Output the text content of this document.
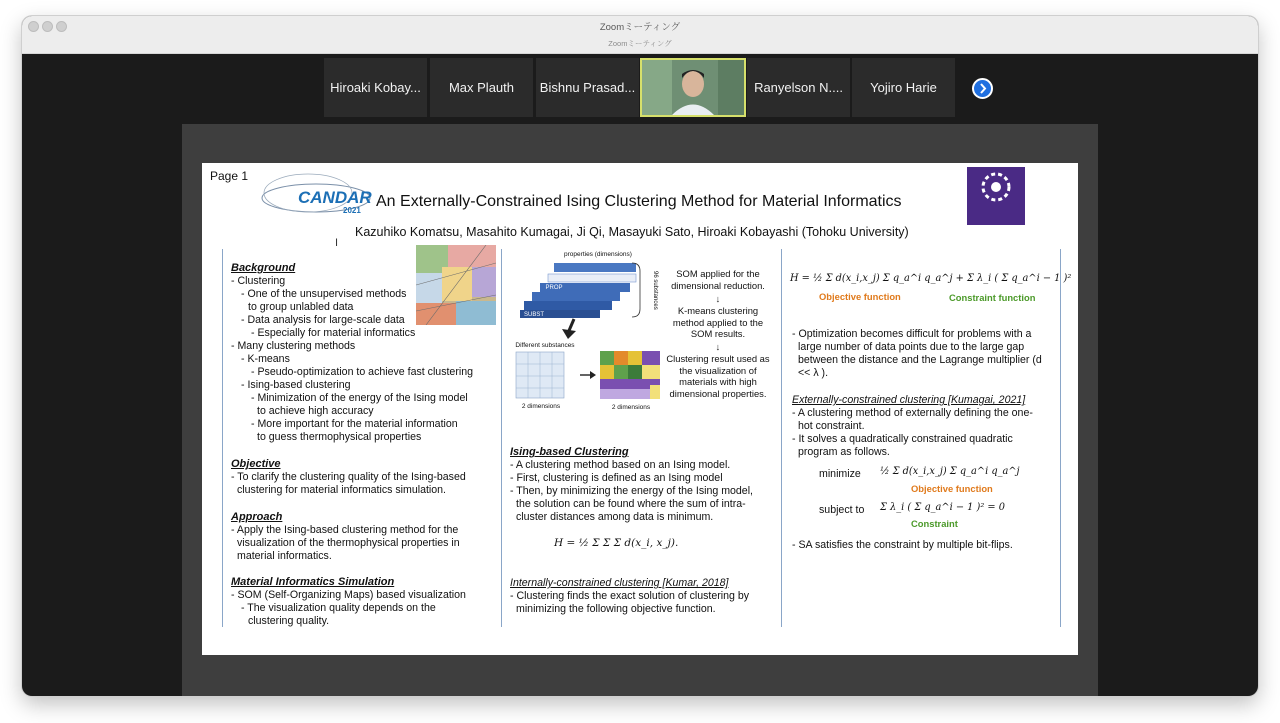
Zoomミーティング
Zoomミーティング
Hiroaki Kobay... Max Plauth Bishnu Prasad...	Ranyelson N.... Yojiro Harie
Page 1
CANDAR
2021
An Externally-Constrained Ising Clustering Method for Material Informatics
Kazuhiko Komatsu, Masahito Kumagai, Ji Qi, Masayuki Sato, Hiroaki Kobayashi (Tohoku University)
TOHOKU
Background
- Clustering
- One of the unsupervised methods
to group unlabled data
- Data analysis for large-scale data
- Especially for material informatics
- Many clustering methods
- K-means
- Pseudo-optimization to achieve fast clustering
- Ising-based clustering
- Minimization of the energy of the Ising model
to achieve high accuracy
- More important for the material information
to guess thermophysical properties
Objective
- To clarify the clustering quality of the Ising-based
clustering for material informatics simulation.
Approach
- Apply the Ising-based clustering method for the
visualization of the thermophysical properties in
material informatics.
Material Informatics Simulation
- SOM (Self-Organizing Maps) based visualization
- The visualization quality depends on the
clustering quality.
properties (dimensions)
96 substances
PROP
SUBST
Different substances
2 dimensions	2 dimensions
SOM applied for the dimensional reduction.
↓
K-means clustering method applied to the SOM results.
↓
Clustering result used as the visualization of materials with high dimensional properties.
Ising-based Clustering
- A clustering method based on an Ising model.
- First, clustering is defined as an Ising model
- Then, by minimizing the energy of the Ising model,
the solution can be found where the sum of intra-
cluster distances among data is minimum.
H = ½ Σ Σ Σ d(x_i, x_j).
Internally-constrained clustering [Kumar, 2018]
- Clustering finds the exact solution of clustering by
minimizing the following objective function.
H = ½ Σ d(x_i,x_j) Σ q_a^i q_a^j + Σ λ_i ( Σ q_a^i − 1 )²
Objective function	Constraint function
- Optimization becomes difficult for problems with a
large number of data points due to the large gap
between the distance and the Lagrange multiplier (d
<< λ ).
Externally-constrained clustering [Kumagai, 2021]
- A clustering method of externally defining the one-
hot constraint.
- It solves a quadratically constrained quadratic
program as follows.
minimize ½ Σ d(x_i,x_j) Σ q_a^i q_a^j
Objective function
subject to Σ λ_i ( Σ q_a^i − 1 )² = 0
Constraint
- SA satisfies the constraint by multiple bit-flips.
I
